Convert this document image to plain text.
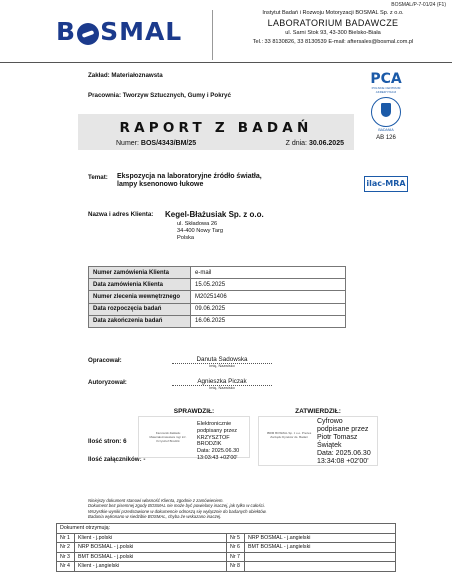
BOSMAL/P-7-01/24 (F1)
B SMAL
Instytut Badań i Rozwoju Motoryzacji BOSMAL Sp. z o.o.
LABORATORIUM BADAWCZE
ul. Sarni Stok 93, 43-300 Bielsko-Biała
Tel.: 33 8130826, 33 8130539 E-mail: aftersales@bosmal.com.pl
Zakład: Materiałoznawsta
Pracownia: Tworzyw Sztucznych, Gumy i Pokryć
PCA
POLSKIE CENTRUM AKREDYTACJI
BADANIA
AB 126
ilac-MRA
RAPORT Z BADAŃ
Numer: BOS/4343/BM/25	Z dnia: 30.06.2025
Temat: Ekspozycja na laboratoryjne źródło światła,
lampy ksenonowo łukowe
Nazwa i adres Klienta: Kegel-Błażusiak Sp. z o.o.
ul. Składowa 26
34-400 Nowy Targ
Polska
Numer zamówienia Klienta	e-mail
Data zamówienia Klienta	15.05.2025
Numer zlecenia wewnętrznego	M20251406
Data rozpoczęcia badań	09.06.2025
Data zakończenia badań	16.06.2025
Opracował:	Danuta Sadowska
Imię, Nazwisko
Autoryzował:	Agnieszka Piczak
Imię, Nazwisko
Ilość stron: 6
Ilość załączników: -
SPRAWDZIŁ:
Kierownik Zakładu Materiałoznawstwa mgr inż. Krzysztof Brodzik
Elektronicznie
podpisany przez
KRZYSZTOF BRODZIK
Data: 2025.06.30
13:03:43 +02'00'
ZATWIERDZIŁ:
IBRM BOSMAL Sp. z o.o. Prezes Zarządu Dyrektor ds. Badań
Cyfrowo
podpisane przez
Piotr Tomasz
Świątek
Data: 2025.06.30
13:34:08 +02'00'
Niniejszy dokument stanowi własność Klienta, zgodnie z zamówieniem.
Dokument bez pisemnej zgody BOSMAL nie może być powielany inaczej, jak tylko w całości.
Wszystkie wyniki przedstawione w dokumencie odnoszą się wyłącznie do badanych obiektów.
Badania wykonano w siedzibie BOSMAL, chyba że wskazano inaczej.
Dokument otrzymują:			
Nr 1	Klient - j.polski	Nr 5	NRP BOSMAL - j.angielski
Nr 2	NRP BOSMAL - j.polski	Nr 6	BMT BOSMAL - j.angielski
Nr 3	BMT BOSMAL - j.polski	Nr 7	
Nr 4	Klient - j.angielski	Nr 8	
